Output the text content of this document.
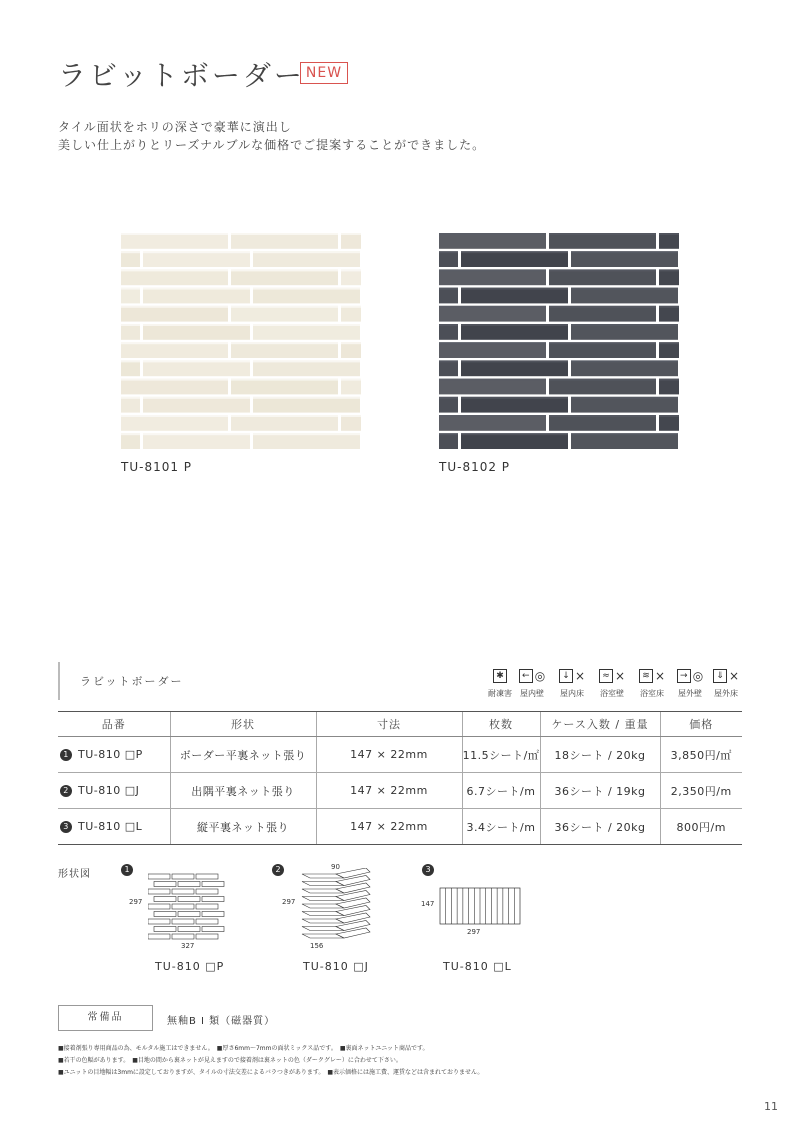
ラビットボーダー NEW
タイル面状をホリの深さで豪華に演出し
美しい仕上がりとリーズナルブルな価格でご提案することができました。
TU-8101 P	TU-8102 P
ラビットボーダー	✱
耐凍害
← ◎
屋内壁
↓ ×
屋内床
≈ ×
浴室壁
≋ ×
浴室床
→ ◎
屋外壁
⇓ ×
屋外床
品番	形状	寸法	枚数	ケース入数 / 重量	価格
1 TU-810 □P	ボーダー平裏ネット張り	147 × 22mm	11.5シート/㎡	18シート / 20kg	3,850円/㎡
2 TU-810 □J	出隅平裏ネット張り	147 × 22mm	6.7シート/m	36シート / 19kg	2,350円/m
3 TU-810 □L	縦平裏ネット張り	147 × 22mm	3.4シート/m	36シート / 20kg	800円/m
形状図	1
297
327
TU-810 □P
2	90
297
156
TU-810 □J
3
147
297
TU-810 □L
常備品	無釉B Ⅰ 類（磁器質）
■接着剤張り専用商品の為、モルタル施工はできません。　■厚さ6mm～7mmの面状ミックス品です。　■裏面ネットユニット商品です。
■若干の色幅があります。　■目地の間から裏ネットが見えますので接着剤は裏ネットの色（ダークグレー）に合わせて下さい。
■ユニットの目地幅は3mmに設定しておりますが、タイルの寸法交差によるバラつきがあります。　■表示価格には施工費、運賃などは含まれておりません。
11
